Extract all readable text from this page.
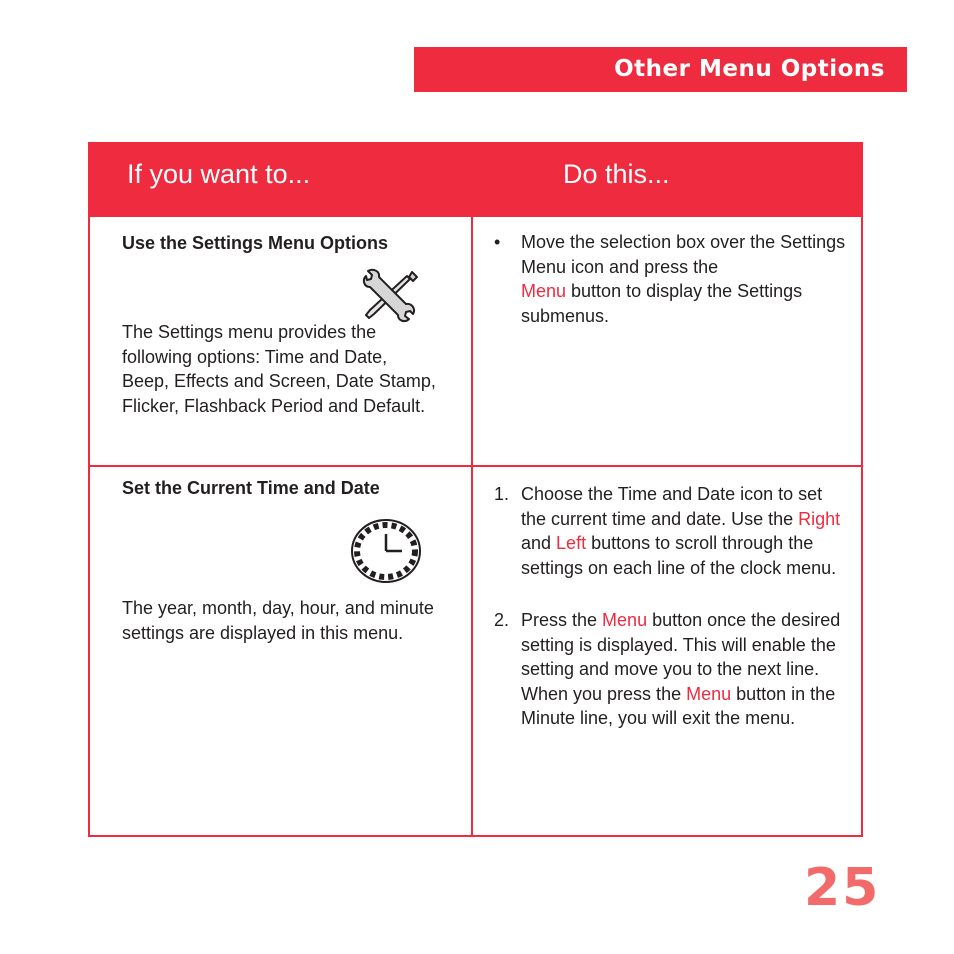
Other Menu Options
If you want to...	Do this...
Use the Settings Menu Options
The Settings menu provides the following options: Time and Date, Beep, Effects and Screen, Date Stamp, Flicker, Flashback Period and Default.
• Move the selection box over the Settings Menu icon and press the
Menu button to display the Settings submenus.
Set the Current Time and Date
The year, month, day, hour, and minute settings are displayed in this menu.
1. Choose the Time and Date icon to set the current time and date. Use the Right and Left buttons to scroll through the settings on each line of the clock menu.
2. Press the Menu button once the desired setting is displayed. This will enable the setting and move you to the next line. When you press the Menu button in the Minute line, you will exit the menu.
25
